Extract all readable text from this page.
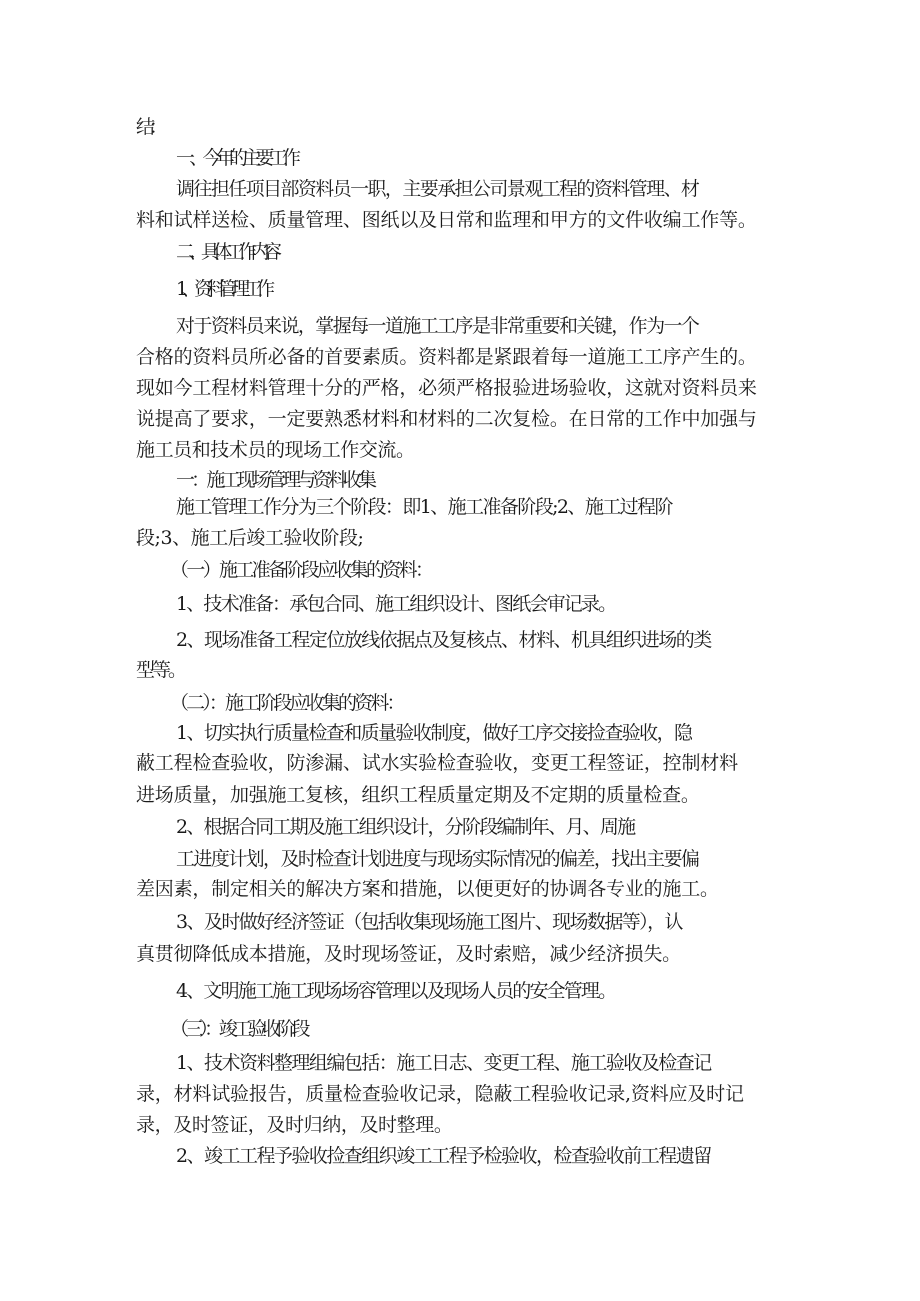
结：
一、今年的主要工作
调往担任项目部资料员一职，主要承担公司景观工程的资料管理、材
料和试样送检、质量管理、图纸以及日常和监理和甲方的文件收编工作等。
二、具体工作内容
1、资料管理工作
对于资料员来说，掌握每一道施工工序是非常重要和关键，作为一个
合格的资料员所必备的首要素质。资料都是紧跟着每一道施工工序产生的。
现如今工程材料管理十分的严格，必须严格报验进场验收，这就对资料员来
说提高了要求，一定要熟悉材料和材料的二次复检。在日常的工作中加强与
施工员和技术员的现场工作交流。
一：施工现场管理与资料收集
施工管理工作分为三个阶段：即1、施工准备阶段;2、施工过程阶
段;3、施工后竣工验收阶段;
（一）施工准备阶段应收集的资料：
1、技术准备：承包合同、施工组织设计、图纸会审记录。
2、现场准备工程定位放线依据点及复核点、材料、机具组织进场的类
型等。
（二）：施工阶段应收集的资料：
1、切实执行质量检查和质量验收制度，做好工序交接捡查验收，隐
蔽工程检查验收，防渗漏、试水实验检查验收，变更工程签证，控制材料
进场质量，加强施工复核，组织工程质量定期及不定期的质量检查。
2、根据合同工期及施工组织设计，分阶段编制年、月、周施
工进度计划，及时检查计划进度与现场实际情况的偏差，找出主要偏
差因素，制定相关的解决方案和措施，以便更好的协调各专业的施工。
3、及时做好经济签证（包括收集现场施工图片、现场数据等），认
真贯彻降低成本措施，及时现场签证，及时索赔，减少经济损失。
4、文明施工施工现场场容管理以及现场人员的安全管理。
（三）：竣工验收阶段
1、技术资料整理组编包括：施工日志、变更工程、施工验收及检查记
录，材料试验报告，质量检查验收记录，隐蔽工程验收记录,资料应及时记
录，及时签证，及时归纳，及时整理。
2、竣工工程予验收捡查组织竣工工程予检验收，检查验收前工程遗留
